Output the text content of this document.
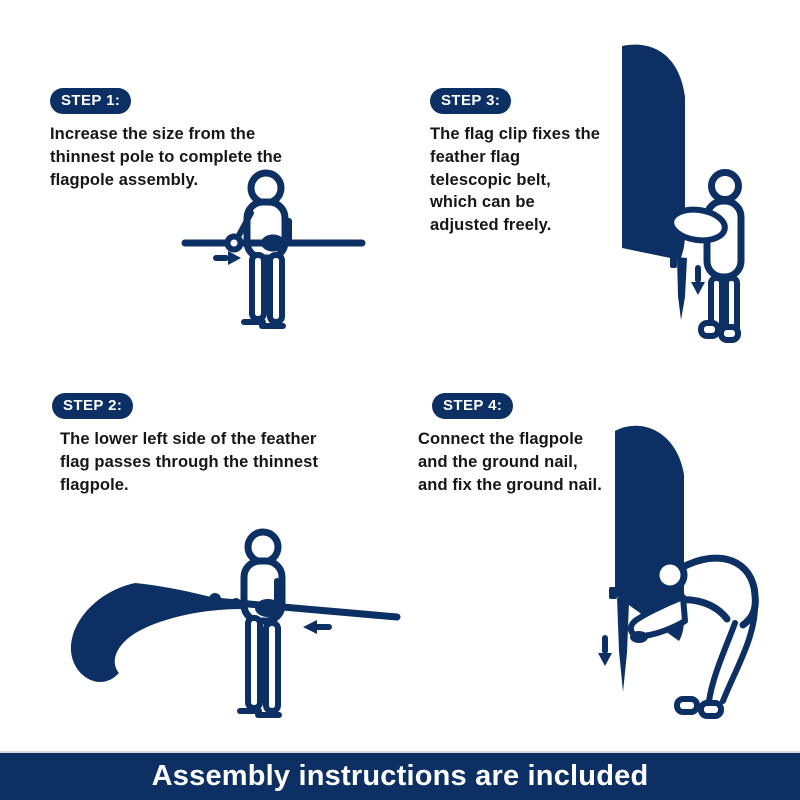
STEP 1:

Increase the size from the thinnest pole to complete the flagpole assembly.

STEP 3:

The flag clip fixes the feather flag telescopic belt, which can be adjusted freely.

STEP 2:

The lower left side of the feather flag passes through the thinnest flagpole.

STEP 4:

Connect the flagpole and the ground nail, and fix the ground nail.

Assembly instructions are included
